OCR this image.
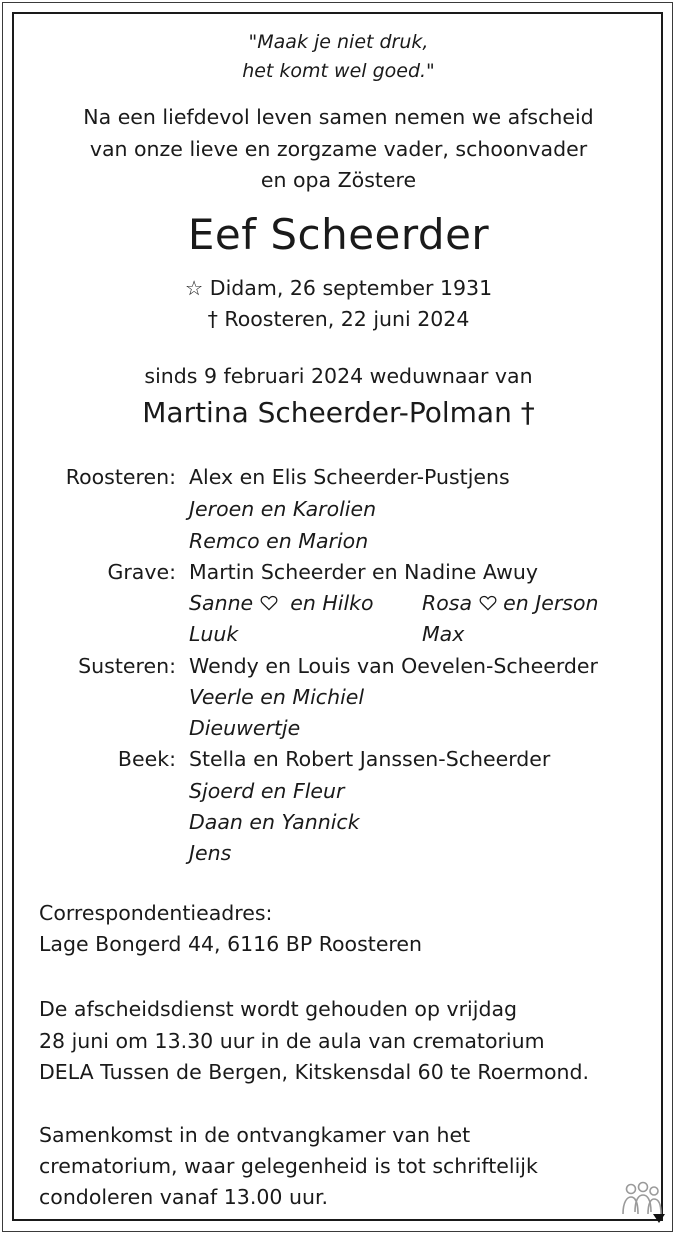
"Maak je niet druk,
het komt wel goed."
Na een liefdevol leven samen nemen we afscheid
van onze lieve en zorgzame vader, schoonvader
en opa Zöstere
Eef Scheerder
☆ Didam, 26 september 1931
† Roosteren, 22 juni 2024
sinds 9 februari 2024 weduwnaar van
Martina Scheerder-Polman †
Roosteren: Alex en Elis Scheerder-Pustjens
Jeroen en Karolien
Remco en Marion
Grave: Martin Scheerder en Nadine Awuy
Sanne en Hilko Rosa en Jerson
Luuk	Max
Susteren: Wendy en Louis van Oevelen-Scheerder
Veerle en Michiel
Dieuwertje
Beek: Stella en Robert Janssen-Scheerder
Sjoerd en Fleur
Daan en Yannick
Jens
Correspondentieadres:
Lage Bongerd 44, 6116 BP Roosteren
De afscheidsdienst wordt gehouden op vrijdag
28 juni om 13.30 uur in de aula van crematorium
DELA Tussen de Bergen, Kitskensdal 60 te Roermond.
Samenkomst in de ontvangkamer van het
crematorium, waar gelegenheid is tot schriftelijk
condoleren vanaf 13.00 uur.
